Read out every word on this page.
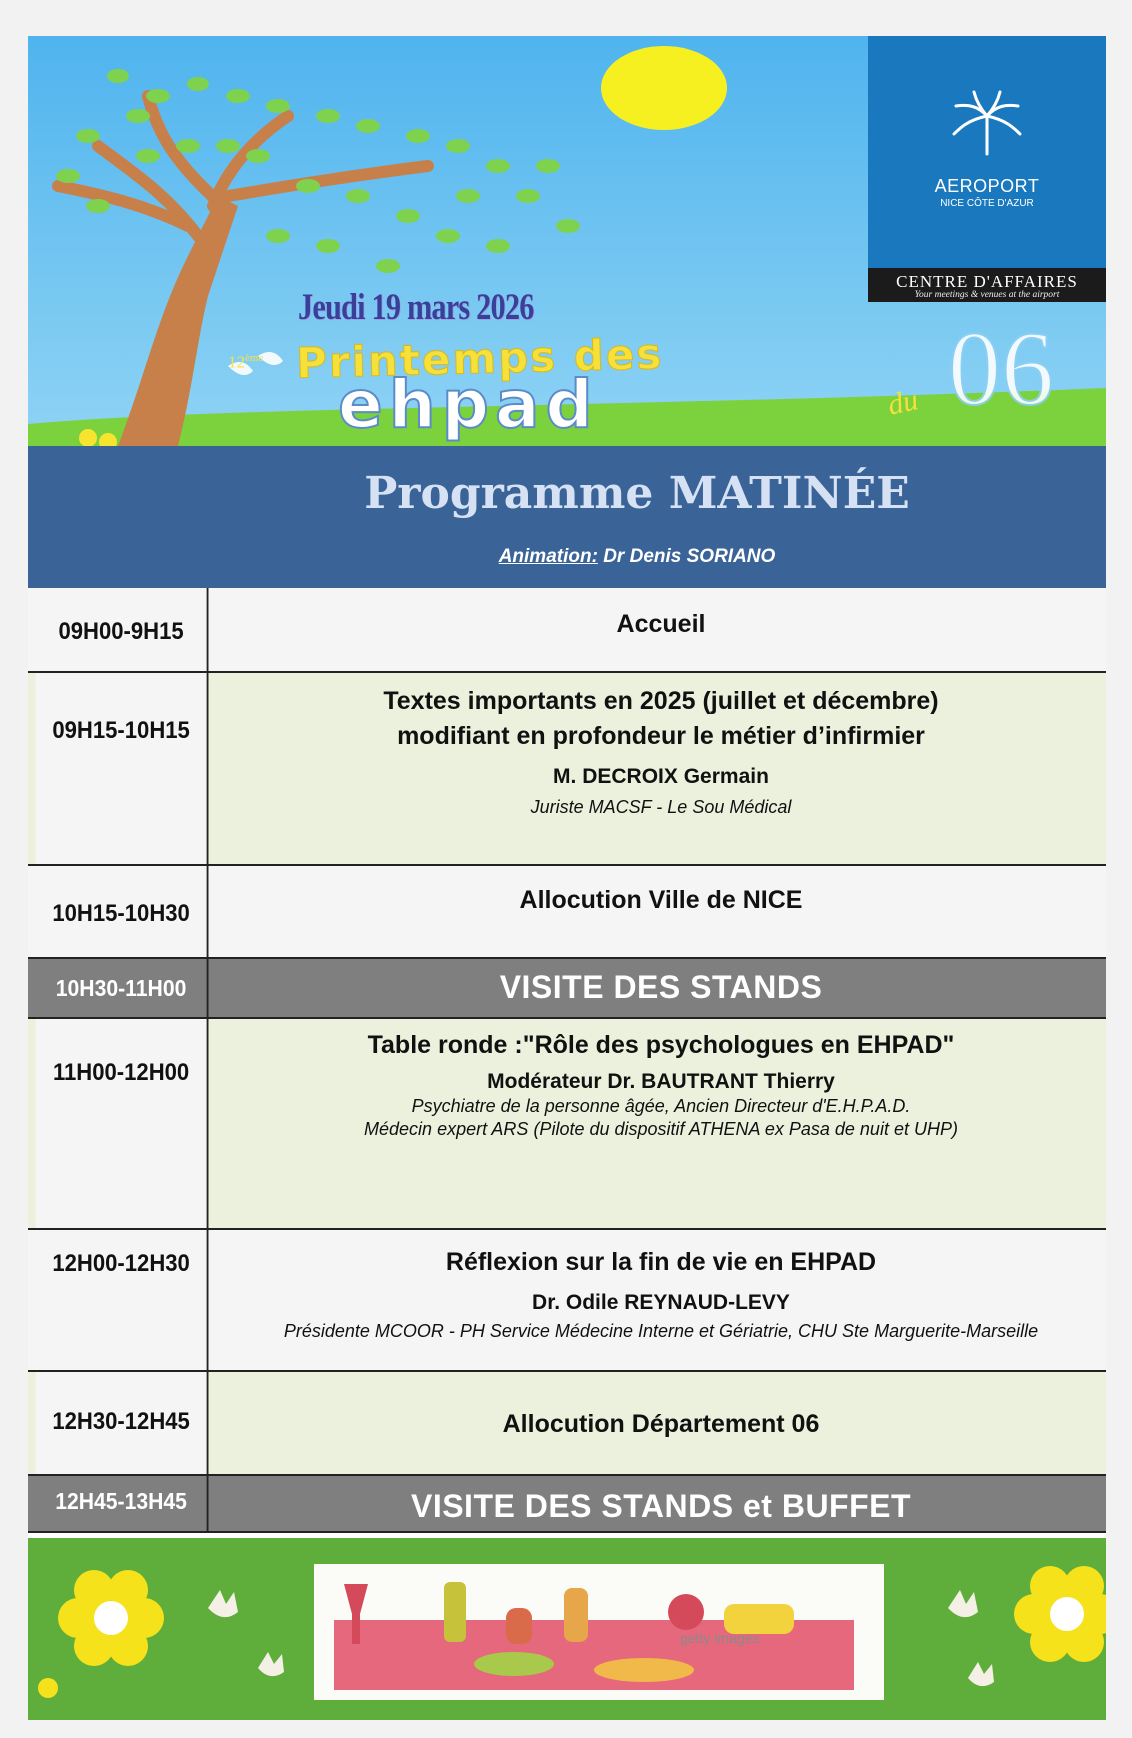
AEROPORT
NICE CÔTE D'AZUR
CENTRE D'AFFAIRES
Your meetings & venues at the airport
Jeudi 19 mars 2026
12ème Printemps des
ehpad	du 06
Programme MATINÉE
Animation: Dr Denis SORIANO
09H00-9H15	Accueil
09H15-10H15
Textes importants en 2025 (juillet et décembre)
modifiant en profondeur le métier d’infirmier
M. DECROIX Germain
Juriste MACSF - Le Sou Médical
10H15-10H30	Allocution Ville de NICE
10H30-11H00	VISITE DES STANDS
11H00-12H00
Table ronde :"Rôle des psychologues en EHPAD"
Modérateur Dr. BAUTRANT Thierry
Psychiatre de la personne âgée, Ancien Directeur d'E.H.P.A.D.
Médecin expert ARS (Pilote du dispositif ATHENA ex Pasa de nuit et UHP)
12H00-12H30	Réflexion sur la fin de vie en EHPAD
Dr. Odile REYNAUD-LEVY
Présidente MCOOR - PH Service Médecine Interne et Gériatrie, CHU Ste Marguerite-Marseille
12H30-12H45	Allocution Département 06
12H45-13H45	VISITE DES STANDS et BUFFET
getty images
